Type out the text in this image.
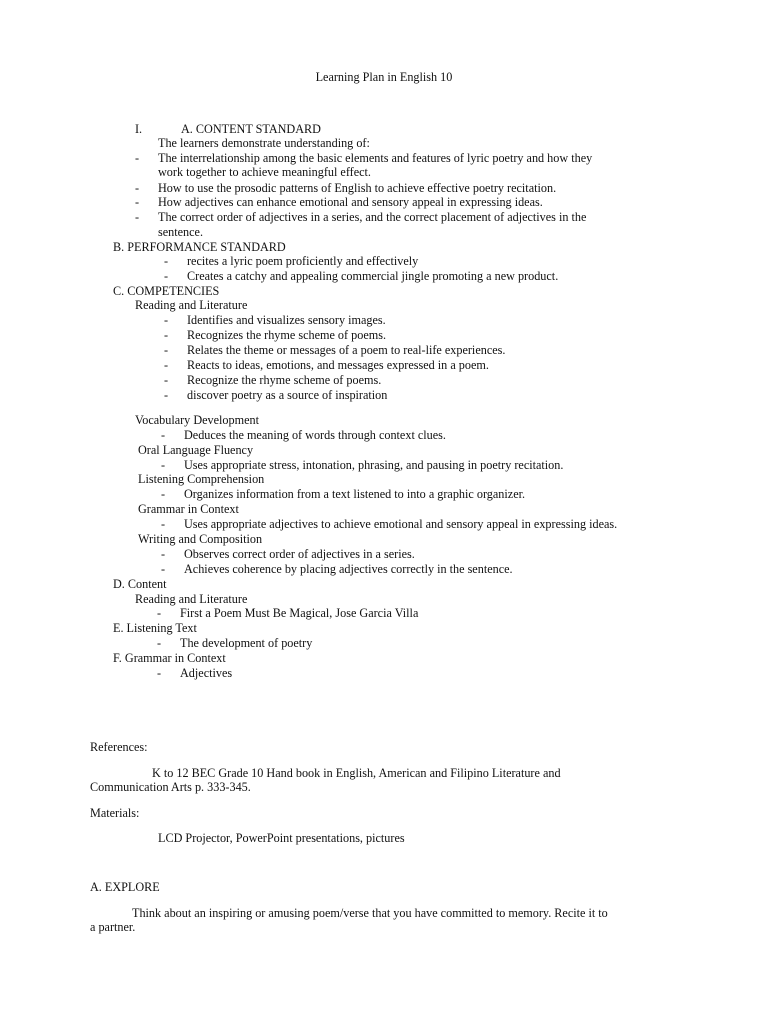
Learning Plan in English 10
I.	A. CONTENT STANDARD
The learners demonstrate understanding of:
- The interrelationship among the basic elements and features of lyric poetry and how they
work together to achieve meaningful effect.
- How to use the prosodic patterns of English to achieve effective poetry recitation.
- How adjectives can enhance emotional and sensory appeal in expressing ideas.
- The correct order of adjectives in a series, and the correct placement of adjectives in the
sentence.
B. PERFORMANCE STANDARD
- recites a lyric poem proficiently and effectively
- Creates a catchy and appealing commercial jingle promoting a new product.
C. COMPETENCIES
Reading and Literature
- Identifies and visualizes sensory images.
- Recognizes the rhyme scheme of poems.
- Relates the theme or messages of a poem to real-life experiences.
- Reacts to ideas, emotions, and messages expressed in a poem.
- Recognize the rhyme scheme of poems.
- discover poetry as a source of inspiration
Vocabulary Development
- Deduces the meaning of words through context clues.
Oral Language Fluency
- Uses appropriate stress, intonation, phrasing, and pausing in poetry recitation.
Listening Comprehension
- Organizes information from a text listened to into a graphic organizer.
Grammar in Context
- Uses appropriate adjectives to achieve emotional and sensory appeal in expressing ideas.
Writing and Composition
- Observes correct order of adjectives in a series.
- Achieves coherence by placing adjectives correctly in the sentence.
D. Content
Reading and Literature
- First a Poem Must Be Magical, Jose Garcia Villa
E. Listening Text
- The development of poetry
F. Grammar in Context
- Adjectives
References:
K to 12 BEC Grade 10 Hand book in English, American and Filipino Literature and
Communication Arts p. 333-345.
Materials:
LCD Projector, PowerPoint presentations, pictures
A. EXPLORE
Think about an inspiring or amusing poem/verse that you have committed to memory. Recite it to
a partner.
